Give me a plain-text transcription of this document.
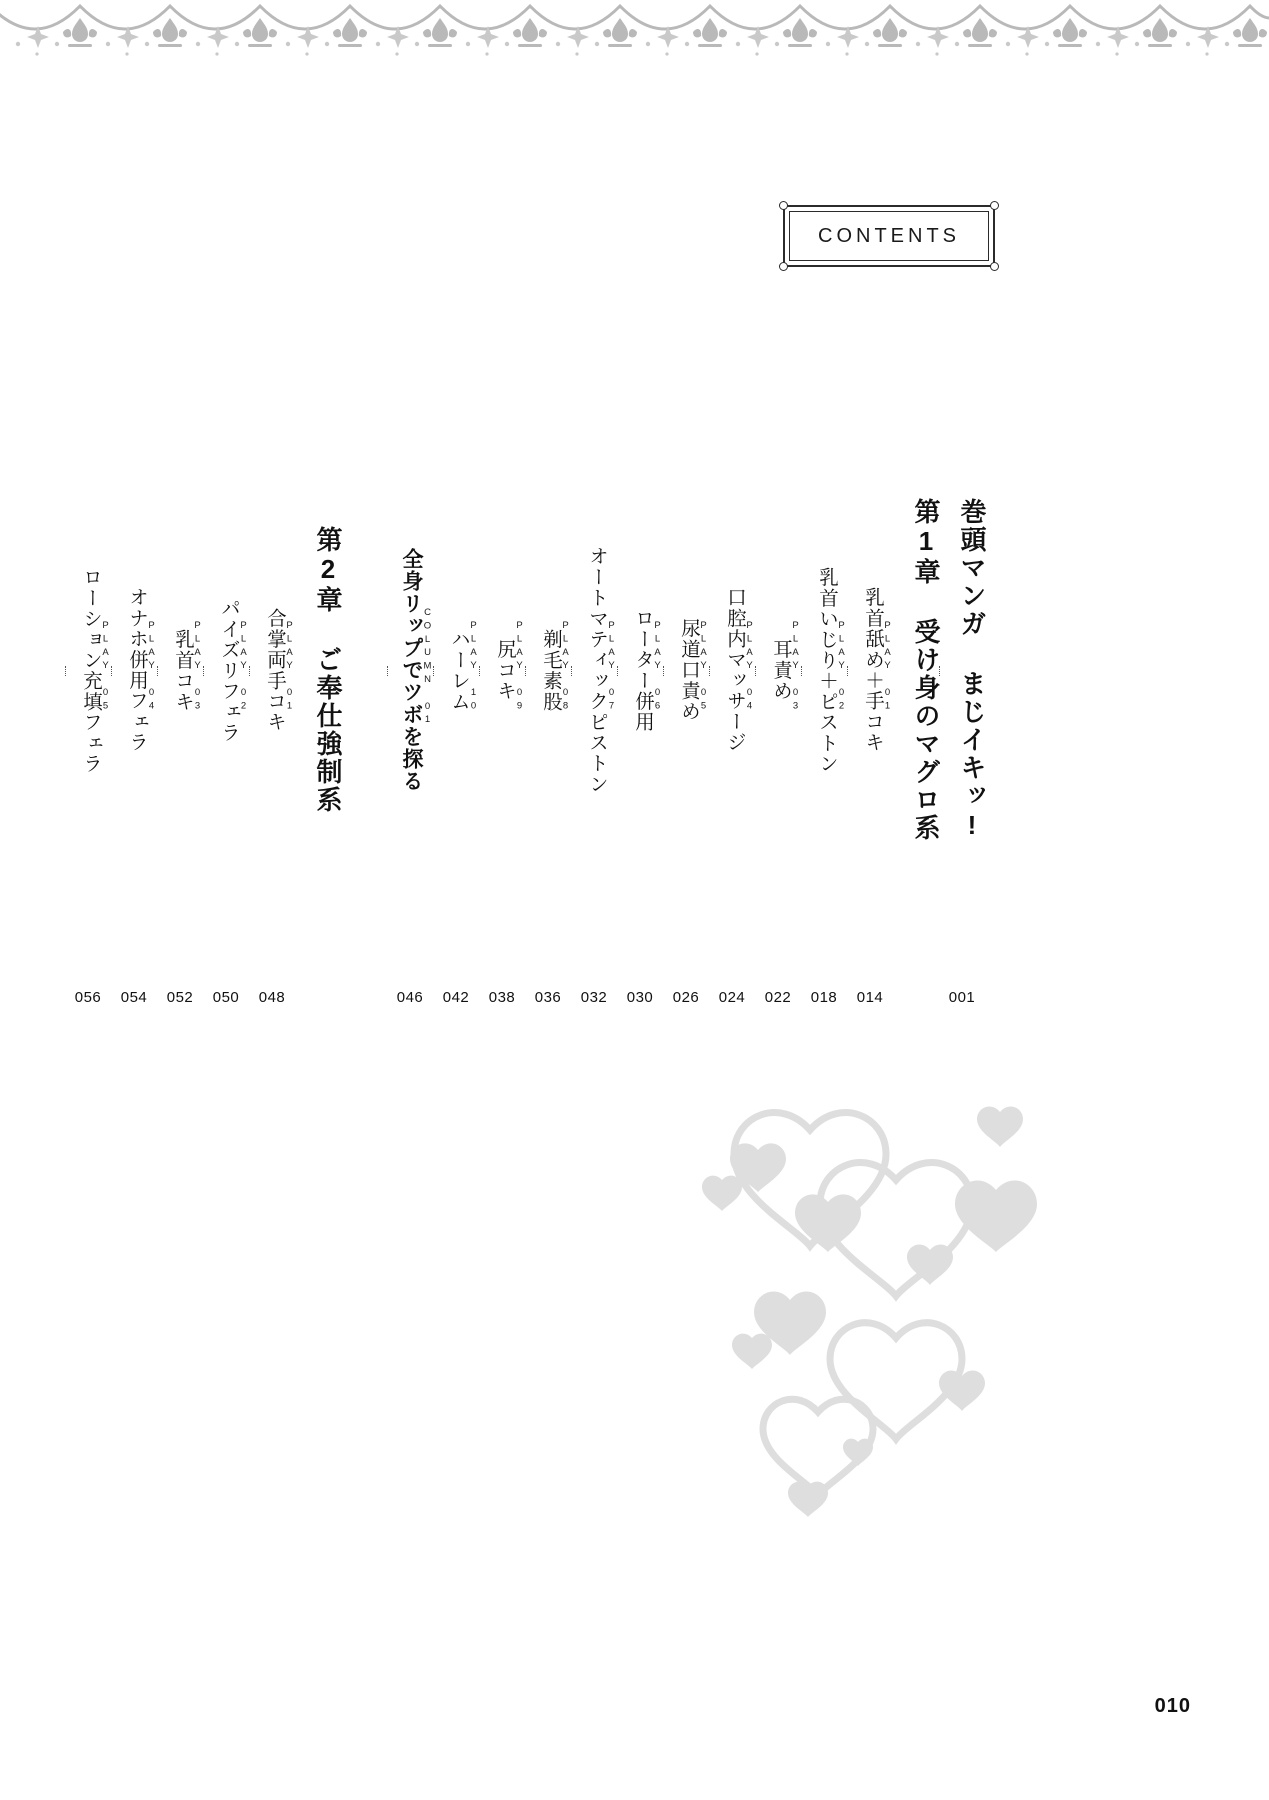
CONTENTS
巻頭マンガ まじイキッ!
001
第1章 受け身のマグロ系
PLAY 01
乳首舐め＋手コキ
014
PLAY 02
乳首いじり＋ピストン
018
PLAY 03
耳責め
022
PLAY 04
口腔内マッサージ
024
PLAY 05
尿道口責め
026
PLAY 06
ローター併用
030
PLAY 07
オートマティックピストン
032
PLAY 08
剃毛素股
036
PLAY 09
尻コキ
038
PLAY 10
ハーレム
042
COLUMN 01
全身リップでツボを探る
046
第2章 ご奉仕強制系
PLAY 01
合掌両手コキ
048
PLAY 02
パイズリフェラ
050
PLAY 03
乳首コキ
052
PLAY 04
オナホ併用フェラ
054
PLAY 05
ローション充填フェラ
056
010
